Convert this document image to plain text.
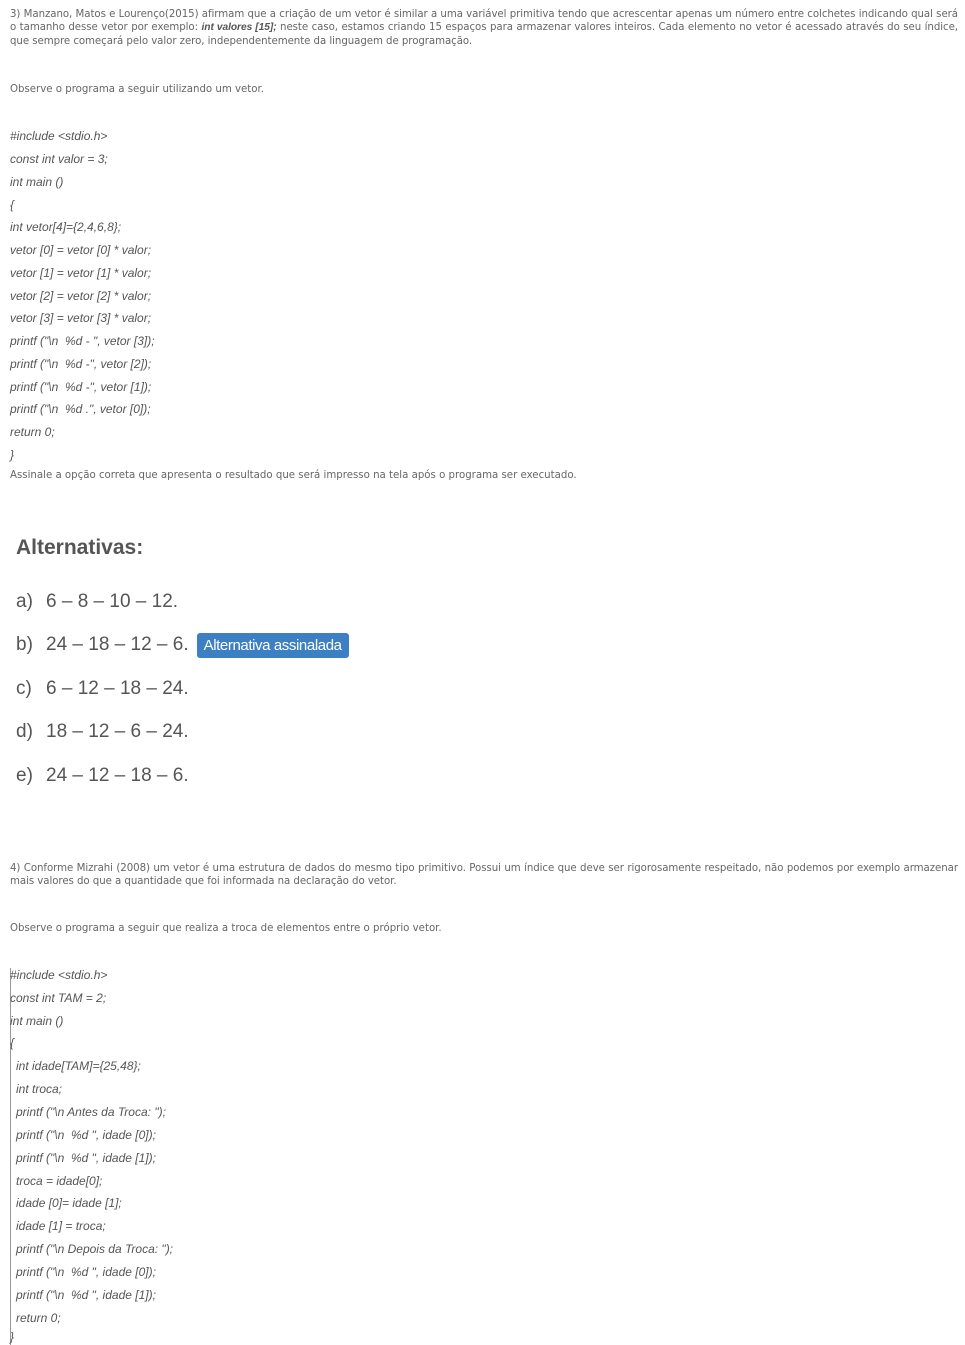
3) Manzano, Matos e Lourenço(2015) afirmam que a criação de um vetor é similar a uma variável primitiva tendo que acrescentar apenas um número entre colchetes indicando qual será o tamanho desse vetor por exemplo: int valores [15]; neste caso, estamos criando 15 espaços para armazenar valores inteiros. Cada elemento no vetor é acessado através do seu índice, que sempre começará pelo valor zero, independentemente da linguagem de programação.
Observe o programa a seguir utilizando um vetor.
#include <stdio.h>
const int valor = 3;
int main ()
{
int vetor[4]={2,4,6,8};
vetor [0] = vetor [0] * valor;
vetor [1] = vetor [1] * valor;
vetor [2] = vetor [2] * valor;
vetor [3] = vetor [3] * valor;
printf ("\n  %d - ", vetor [3]);
printf ("\n  %d -", vetor [2]);
printf ("\n  %d -", vetor [1]);
printf ("\n  %d .", vetor [0]);
return 0;
}
Assinale a opção correta que apresenta o resultado que será impresso na tela após o programa ser executado.
Alternativas:
a) 6 – 8 – 10 – 12.
b) 24 – 18 – 12 – 6.	Alternativa assinalada
c) 6 – 12 – 18 – 24.
d) 18 – 12 – 6 – 24.
e) 24 – 12 – 18 – 6.
4) Conforme Mizrahi (2008) um vetor é uma estrutura de dados do mesmo tipo primitivo. Possui um índice que deve ser rigorosamente respeitado, não podemos por exemplo armazenar mais valores do que a quantidade que foi informada na declaração do vetor.
Observe o programa a seguir que realiza a troca de elementos entre o próprio vetor.
#include <stdio.h>
const int TAM = 2;
int main ()
{
int idade[TAM]={25,48};
int troca;
printf ("\n Antes da Troca: ");
printf ("\n  %d ", idade [0]);
printf ("\n  %d ", idade [1]);
troca = idade[0];
idade [0]= idade [1];
idade [1] = troca;
printf ("\n Depois da Troca: ");
printf ("\n  %d ", idade [0]);
printf ("\n  %d ", idade [1]);
return 0;
}
